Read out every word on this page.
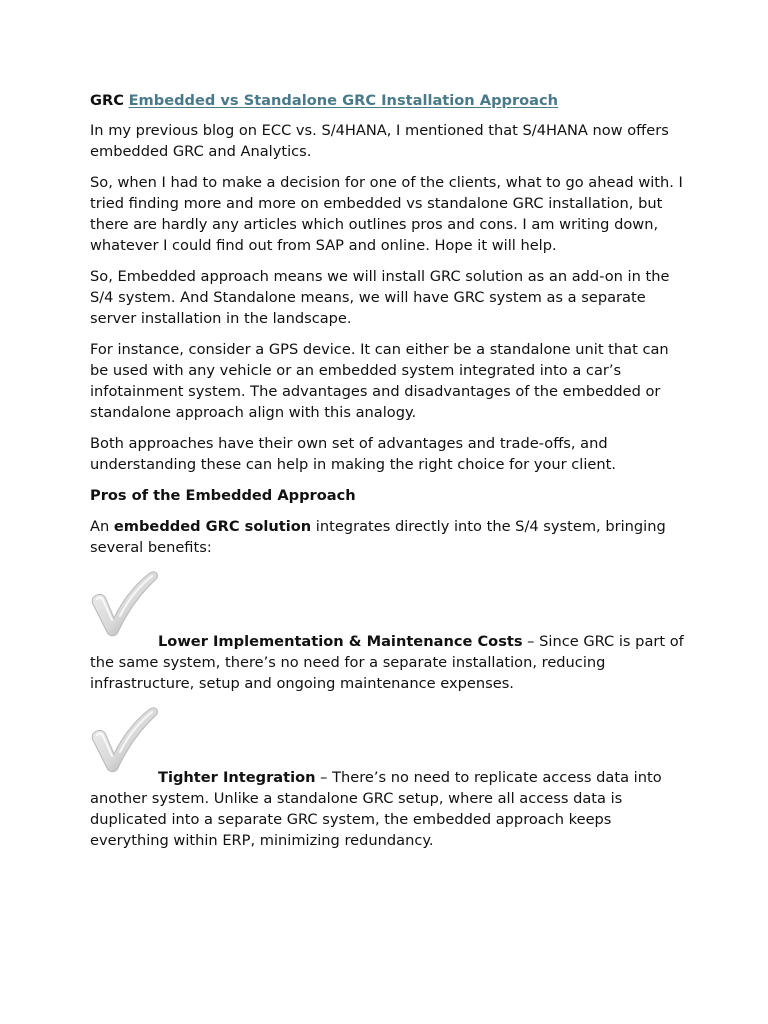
GRC Embedded vs Standalone GRC Installation Approach

In my previous blog on ECC vs. S/4HANA, I mentioned that S/4HANA now offers embedded GRC and Analytics.

So, when I had to make a decision for one of the clients, what to go ahead with. I tried finding more and more on embedded vs standalone GRC installation, but there are hardly any articles which outlines pros and cons. I am writing down, whatever I could find out from SAP and online. Hope it will help.

So, Embedded approach means we will install GRC solution as an add-on in the S/4 system. And Standalone means, we will have GRC system as a separate server installation in the landscape.

For instance, consider a GPS device. It can either be a standalone unit that can be used with any vehicle or an embedded system integrated into a car’s infotainment system. The advantages and disadvantages of the embedded or standalone approach align with this analogy.

Both approaches have their own set of advantages and trade-offs, and understanding these can help in making the right choice for your client.

Pros of the Embedded Approach

An embedded GRC solution integrates directly into the S/4 system, bringing several benefits:

Lower Implementation & Maintenance Costs – Since GRC is part of the same system, there’s no need for a separate installation, reducing infrastructure, setup and ongoing maintenance expenses.

Tighter Integration – There’s no need to replicate access data into another system. Unlike a standalone GRC setup, where all access data is duplicated into a separate GRC system, the embedded approach keeps everything within ERP, minimizing redundancy.
